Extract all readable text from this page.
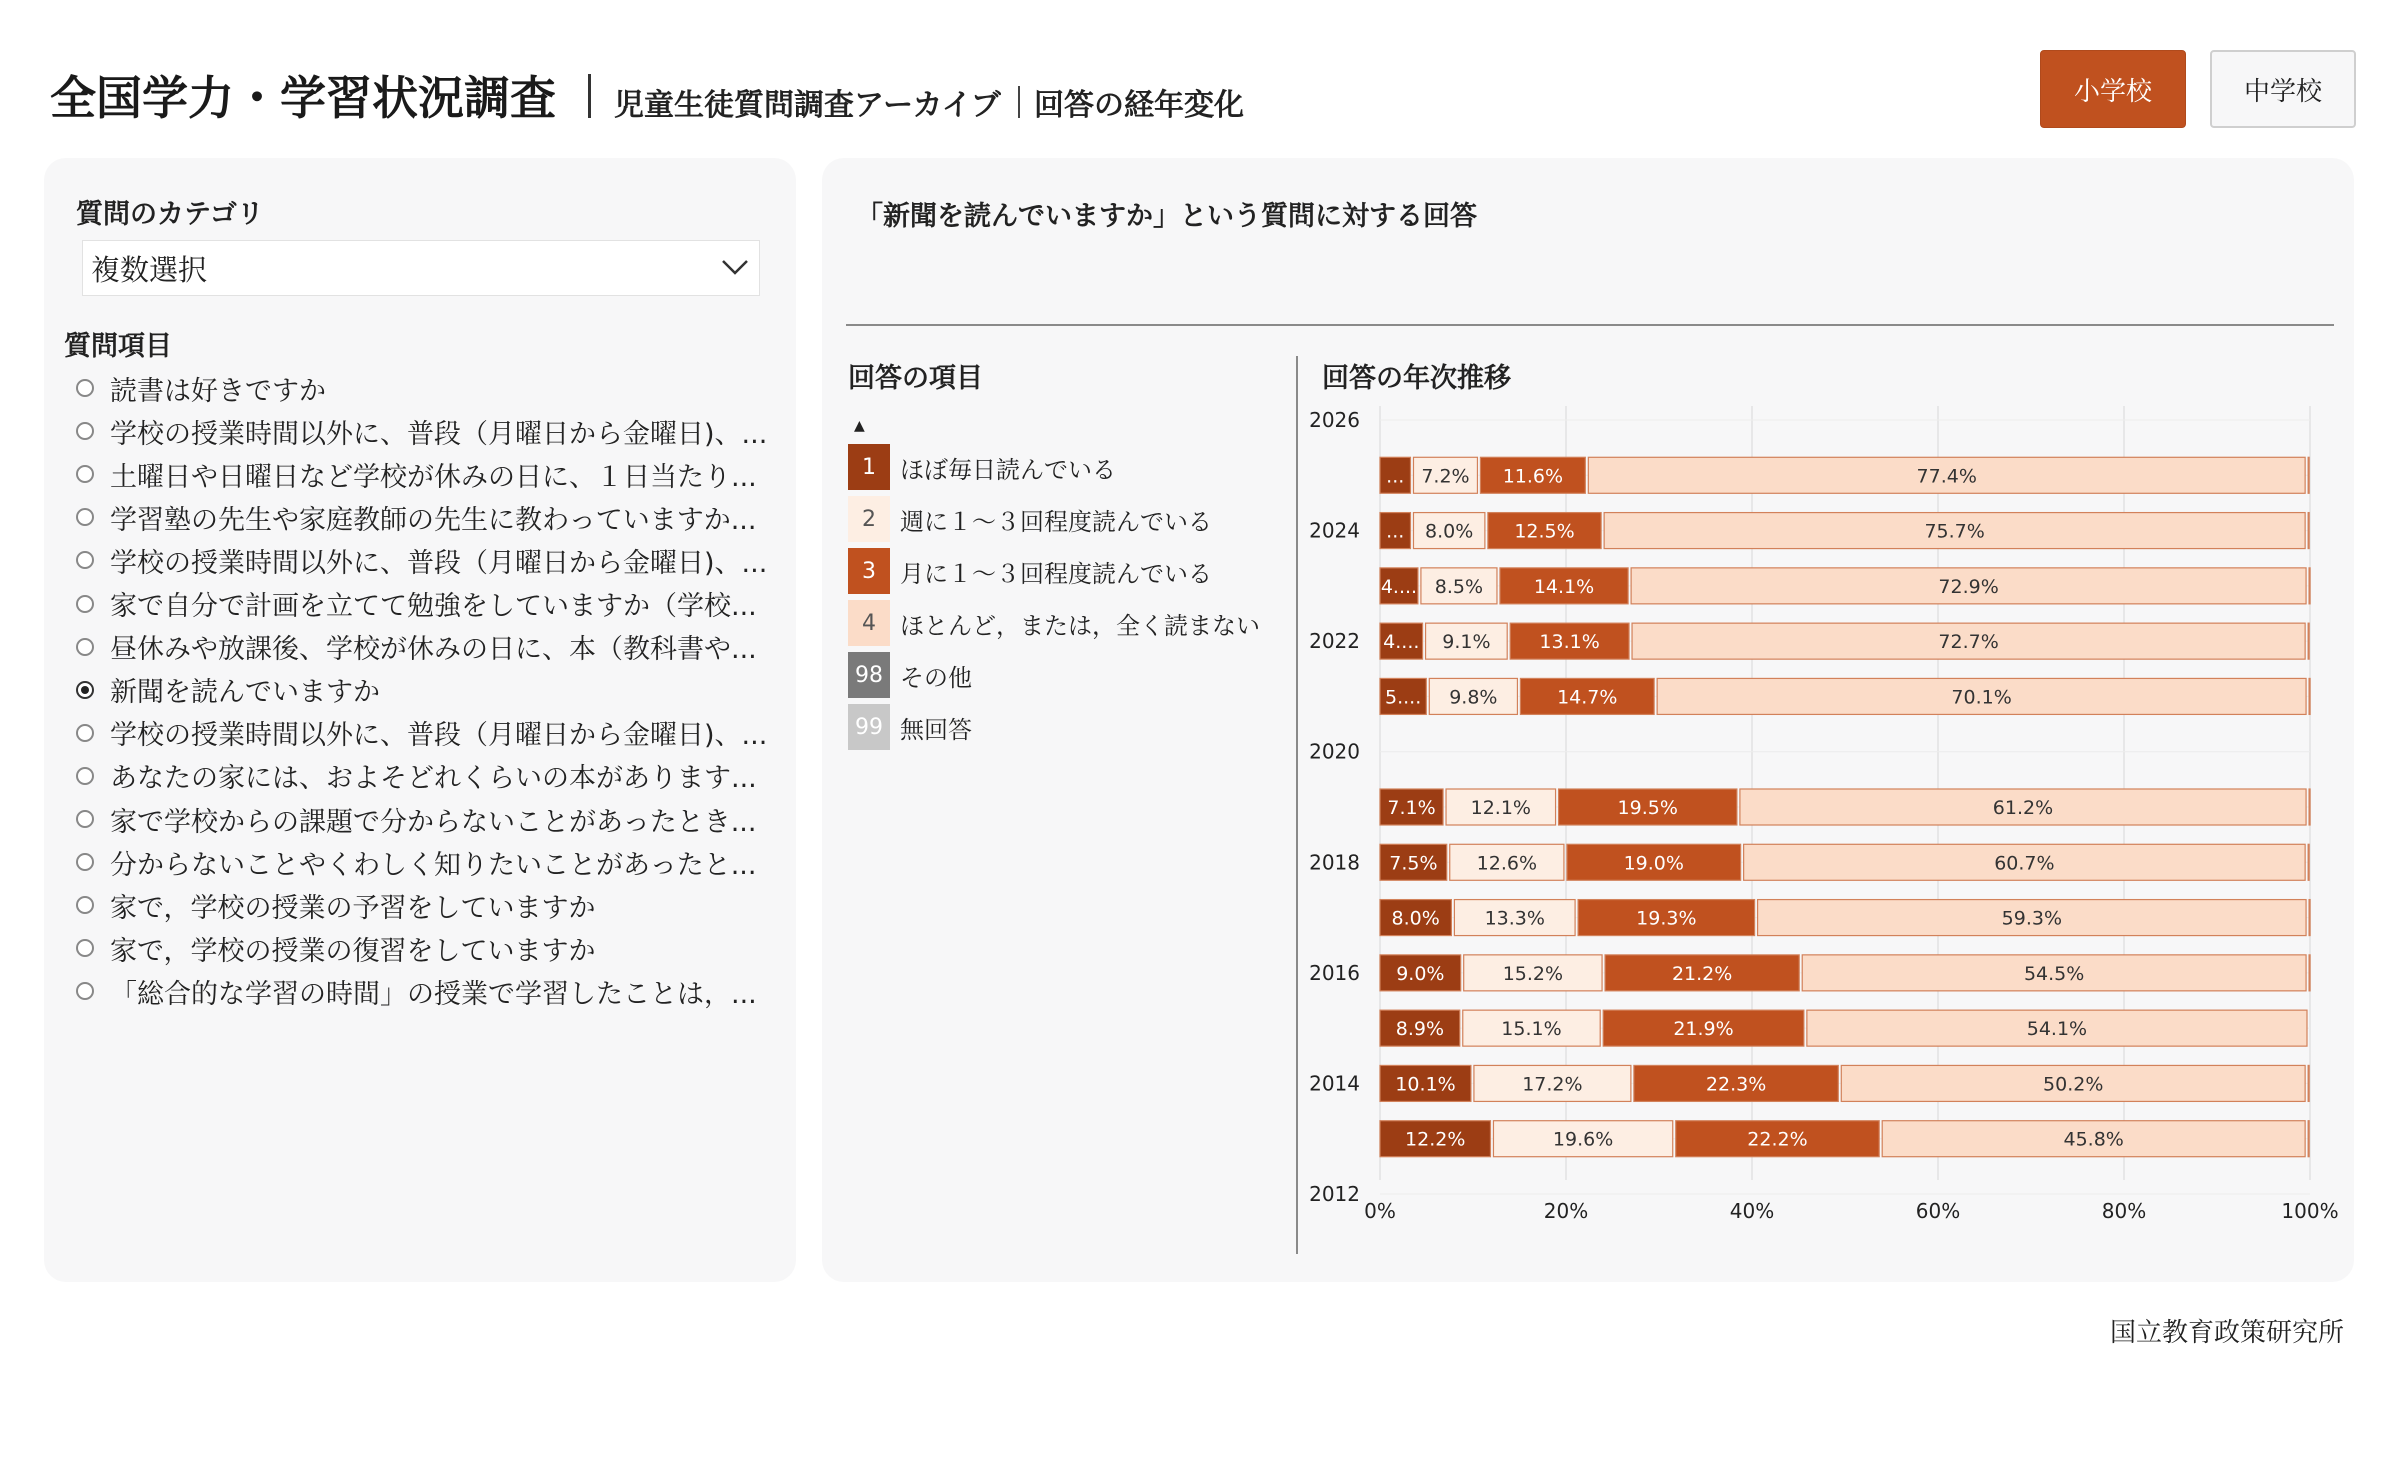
全国学力・学習状況調査 児童生徒質問調査アーカイブ 回答の経年変化	小学校	中学校
質問のカテゴリ
複数選択
質問項目
読書は好きですか
学校の授業時間以外に、普段（月曜日から金曜日)、...
土曜日や日曜日など学校が休みの日に、１日当たり...
学習塾の先生や家庭教師の先生に教わっていますか...
学校の授業時間以外に、普段（月曜日から金曜日)、...
家で自分で計画を立てて勉強をしていますか（学校...
昼休みや放課後、学校が休みの日に、本（教科書や...
新聞を読んでいますか
学校の授業時間以外に、普段（月曜日から金曜日)、...
あなたの家には、およそどれくらいの本があります...
家で学校からの課題で分からないことがあったとき...
分からないことやくわしく知りたいことがあったと...
家で，学校の授業の予習をしていますか
家で，学校の授業の復習をしていますか
「総合的な学習の時間」の授業で学習したことは，...
「新聞を読んでいますか」という質問に対する回答
回答の項目
▲
1	ほぼ毎日読んでいる
2	週に１～３回程度読んでいる
3	月に１～３回程度読んでいる
4	ほとんど，または，全く読まない
98 その他
99 無回答
回答の年次推移
0%	20%	40%	60%	80%	100%
2026
2024
2022
2020
2018
2016
2014
2012
... 7.2% 11.6%	77.4%
... 8.0% 12.5%	75.7%
4.... 8.5%	14.1%	72.9%
4.... 9.1%	13.1%	72.7%
5.... 9.8%	14.7%	70.1%
7.1% 12.1%	19.5%	61.2%
7.5% 12.6%	19.0%	60.7%
8.0% 13.3%	19.3%	59.3%
9.0%	15.2%	21.2%	54.5%
8.9%	15.1%	21.9%	54.1%
10.1%	17.2%	22.3%	50.2%
12.2%	19.6%	22.2%	45.8%
国立教育政策研究所
